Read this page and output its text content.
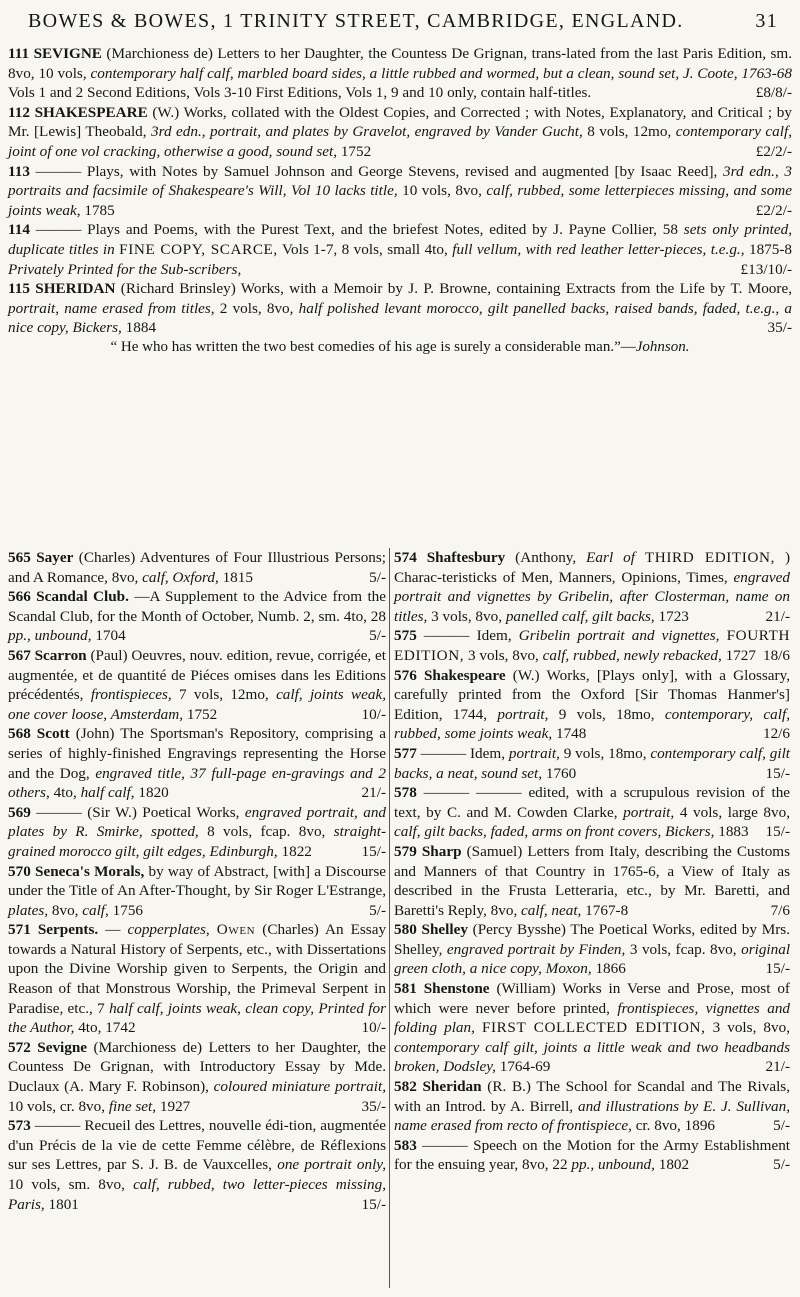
BOWES & BOWES, 1 TRINITY STREET, CAMBRIDGE, ENGLAND.	31

111 SEVIGNE (Marchioness de) Letters to her Daughter, the Countess De Grignan, trans-lated from the last Paris Edition, sm. 8vo, 10 vols, contemporary half calf, marbled board sides, a little rubbed and wormed, but a clean, sound set, J. Coote, 1763-68 Vols 1 and 2 Second Editions, Vols 3-10 First Editions, Vols 1, 9 and 10 only, contain half-titles.	£8/8/-

112 SHAKESPEARE (W.) Works, collated with the Oldest Copies, and Corrected ; with Notes, Explanatory, and Critical ; by Mr. [Lewis] Theobald, 3rd edn., portrait, and plates by Gravelot, engraved by Vander Gucht, 8 vols, 12mo, contemporary calf, joint of one vol cracking, otherwise a good, sound set, 1752	£2/2/-

113 ——— Plays, with Notes by Samuel Johnson and George Stevens, revised and augmented [by Isaac Reed], 3rd edn., 3 portraits and facsimile of Shakespeare's Will, Vol 10 lacks title, 10 vols, 8vo, calf, rubbed, some letterpieces missing, and some joints weak, 1785	£2/2/-

114 ——— Plays and Poems, with the Purest Text, and the briefest Notes, edited by J. Payne Collier, 58 sets only printed, duplicate titles in FINE COPY, SCARCE, Vols 1-7, 8 vols, small 4to, full vellum, with red leather letter-pieces, t.e.g., 1875-8 Privately Printed for the Sub-scribers,	£13/10/-

115 SHERIDAN (Richard Brinsley) Works, with a Memoir by J. P. Browne, containing Extracts from the Life by T. Moore, portrait, name erased from titles, 2 vols, 8vo, half polished levant morocco, gilt panelled backs, raised bands, faded, t.e.g., a nice copy, Bickers, 1884	35/-

“ He who has written the two best comedies of his age is surely a considerable man.”—Johnson.

565 Sayer (Charles) Adventures of Four Illustrious Persons; and A Romance, 8vo, calf, Oxford, 1815	5/-

566 Scandal Club. —A Supplement to the Advice from the Scandal Club, for the Month of October, Numb. 2, sm. 4to, 28 pp., unbound, 1704	5/-

567 Scarron (Paul) Oeuvres, nouv. edition, revue, corrigée, et augmentée, et de quantité de Piéces omises dans les Editions précédentés, frontispieces, 7 vols, 12mo, calf, joints weak, one cover loose, Amsterdam, 1752	10/-

568 Scott (John) The Sportsman's Repository, comprising a series of highly-finished Engravings representing the Horse and the Dog, engraved title, 37 full-page en-gravings and 2 others, 4to, half calf, 1820	21/-

569 ——— (Sir W.) Poetical Works, engraved portrait, and plates by R. Smirke, spotted, 8 vols, fcap. 8vo, straight-grained morocco gilt, gilt edges, Edinburgh, 1822	15/-

570 Seneca's Morals, by way of Abstract, [with] a Discourse under the Title of An After-Thought, by Sir Roger L'Estrange, plates, 8vo, calf, 1756	5/-

571 Serpents. — copperplates, Owen (Charles) An Essay towards a Natural History of Serpents, etc., with Dissertations upon the Divine Worship given to Serpents, the Origin and Reason of that Monstrous Worship, the Primeval Serpent in Paradise, etc., 7 half calf, joints weak, clean copy, Printed for the Author, 4to, 1742	10/-

572 Sevigne (Marchioness de) Letters to her Daughter, the Countess De Grignan, with Introductory Essay by Mde. Duclaux (A. Mary F. Robinson), coloured miniature portrait, 10 vols, cr. 8vo, fine set, 1927	35/-

573 ——— Recueil des Lettres, nouvelle édi-tion, augmentée d'un Précis de la vie de cette Femme célèbre, de Réflexions sur ses Lettres, par S. J. B. de Vauxcelles, one portrait only, 10 vols, sm. 8vo, calf, rubbed, two letter-pieces missing, Paris, 1801	15/-

574 Shaftesbury (Anthony, Earl of THIRD EDITION, ) Charac-teristicks of Men, Manners, Opinions, Times, engraved portrait and vignettes by Gribelin, after Closterman, name on titles, 3 vols, 8vo, panelled calf, gilt backs, 1723	21/-

575 ——— Idem, Gribelin portrait and vignettes, FOURTH EDITION, 3 vols, 8vo, calf, rubbed, newly rebacked, 1727 18/6

576 Shakespeare (W.) Works, [Plays only], with a Glossary, carefully printed from the Oxford [Sir Thomas Hanmer's] Edition, 1744, portrait, 9 vols, 18mo, contemporary, calf, rubbed, some joints weak, 1748	12/6

577 ——— Idem, portrait, 9 vols, 18mo, contemporary calf, gilt backs, a neat, sound set, 1760	15/-

578 ——— ——— edited, with a scrupulous revision of the text, by C. and M. Cowden Clarke, portrait, 4 vols, large 8vo, calf, gilt backs, faded, arms on front covers, Bickers, 1883 15/-

579 Sharp (Samuel) Letters from Italy, describing the Customs and Manners of that Country in 1765-6, a View of Italy as described in the Frusta Letteraria, etc., by Mr. Baretti, and Baretti's Reply, 8vo, calf, neat, 1767-8	7/6

580 Shelley (Percy Bysshe) The Poetical Works, edited by Mrs. Shelley, engraved portrait by Finden, 3 vols, fcap. 8vo, original green cloth, a nice copy, Moxon, 1866	15/-

581 Shenstone (William) Works in Verse and Prose, most of which were never before printed, frontispieces, vignettes and folding plan, FIRST COLLECTED EDITION, 3 vols, 8vo, contemporary calf gilt, joints a little weak and two headbands broken, Dodsley, 1764-69	21/-

582 Sheridan (R. B.) The School for Scandal and The Rivals, with an Introd. by A. Birrell, and illustrations by E. J. Sullivan, name erased from recto of frontispiece, cr. 8vo, 1896	5/-

583 ——— Speech on the Motion for the Army Establishment for the ensuing year, 8vo, 22 pp., unbound, 1802	5/-
